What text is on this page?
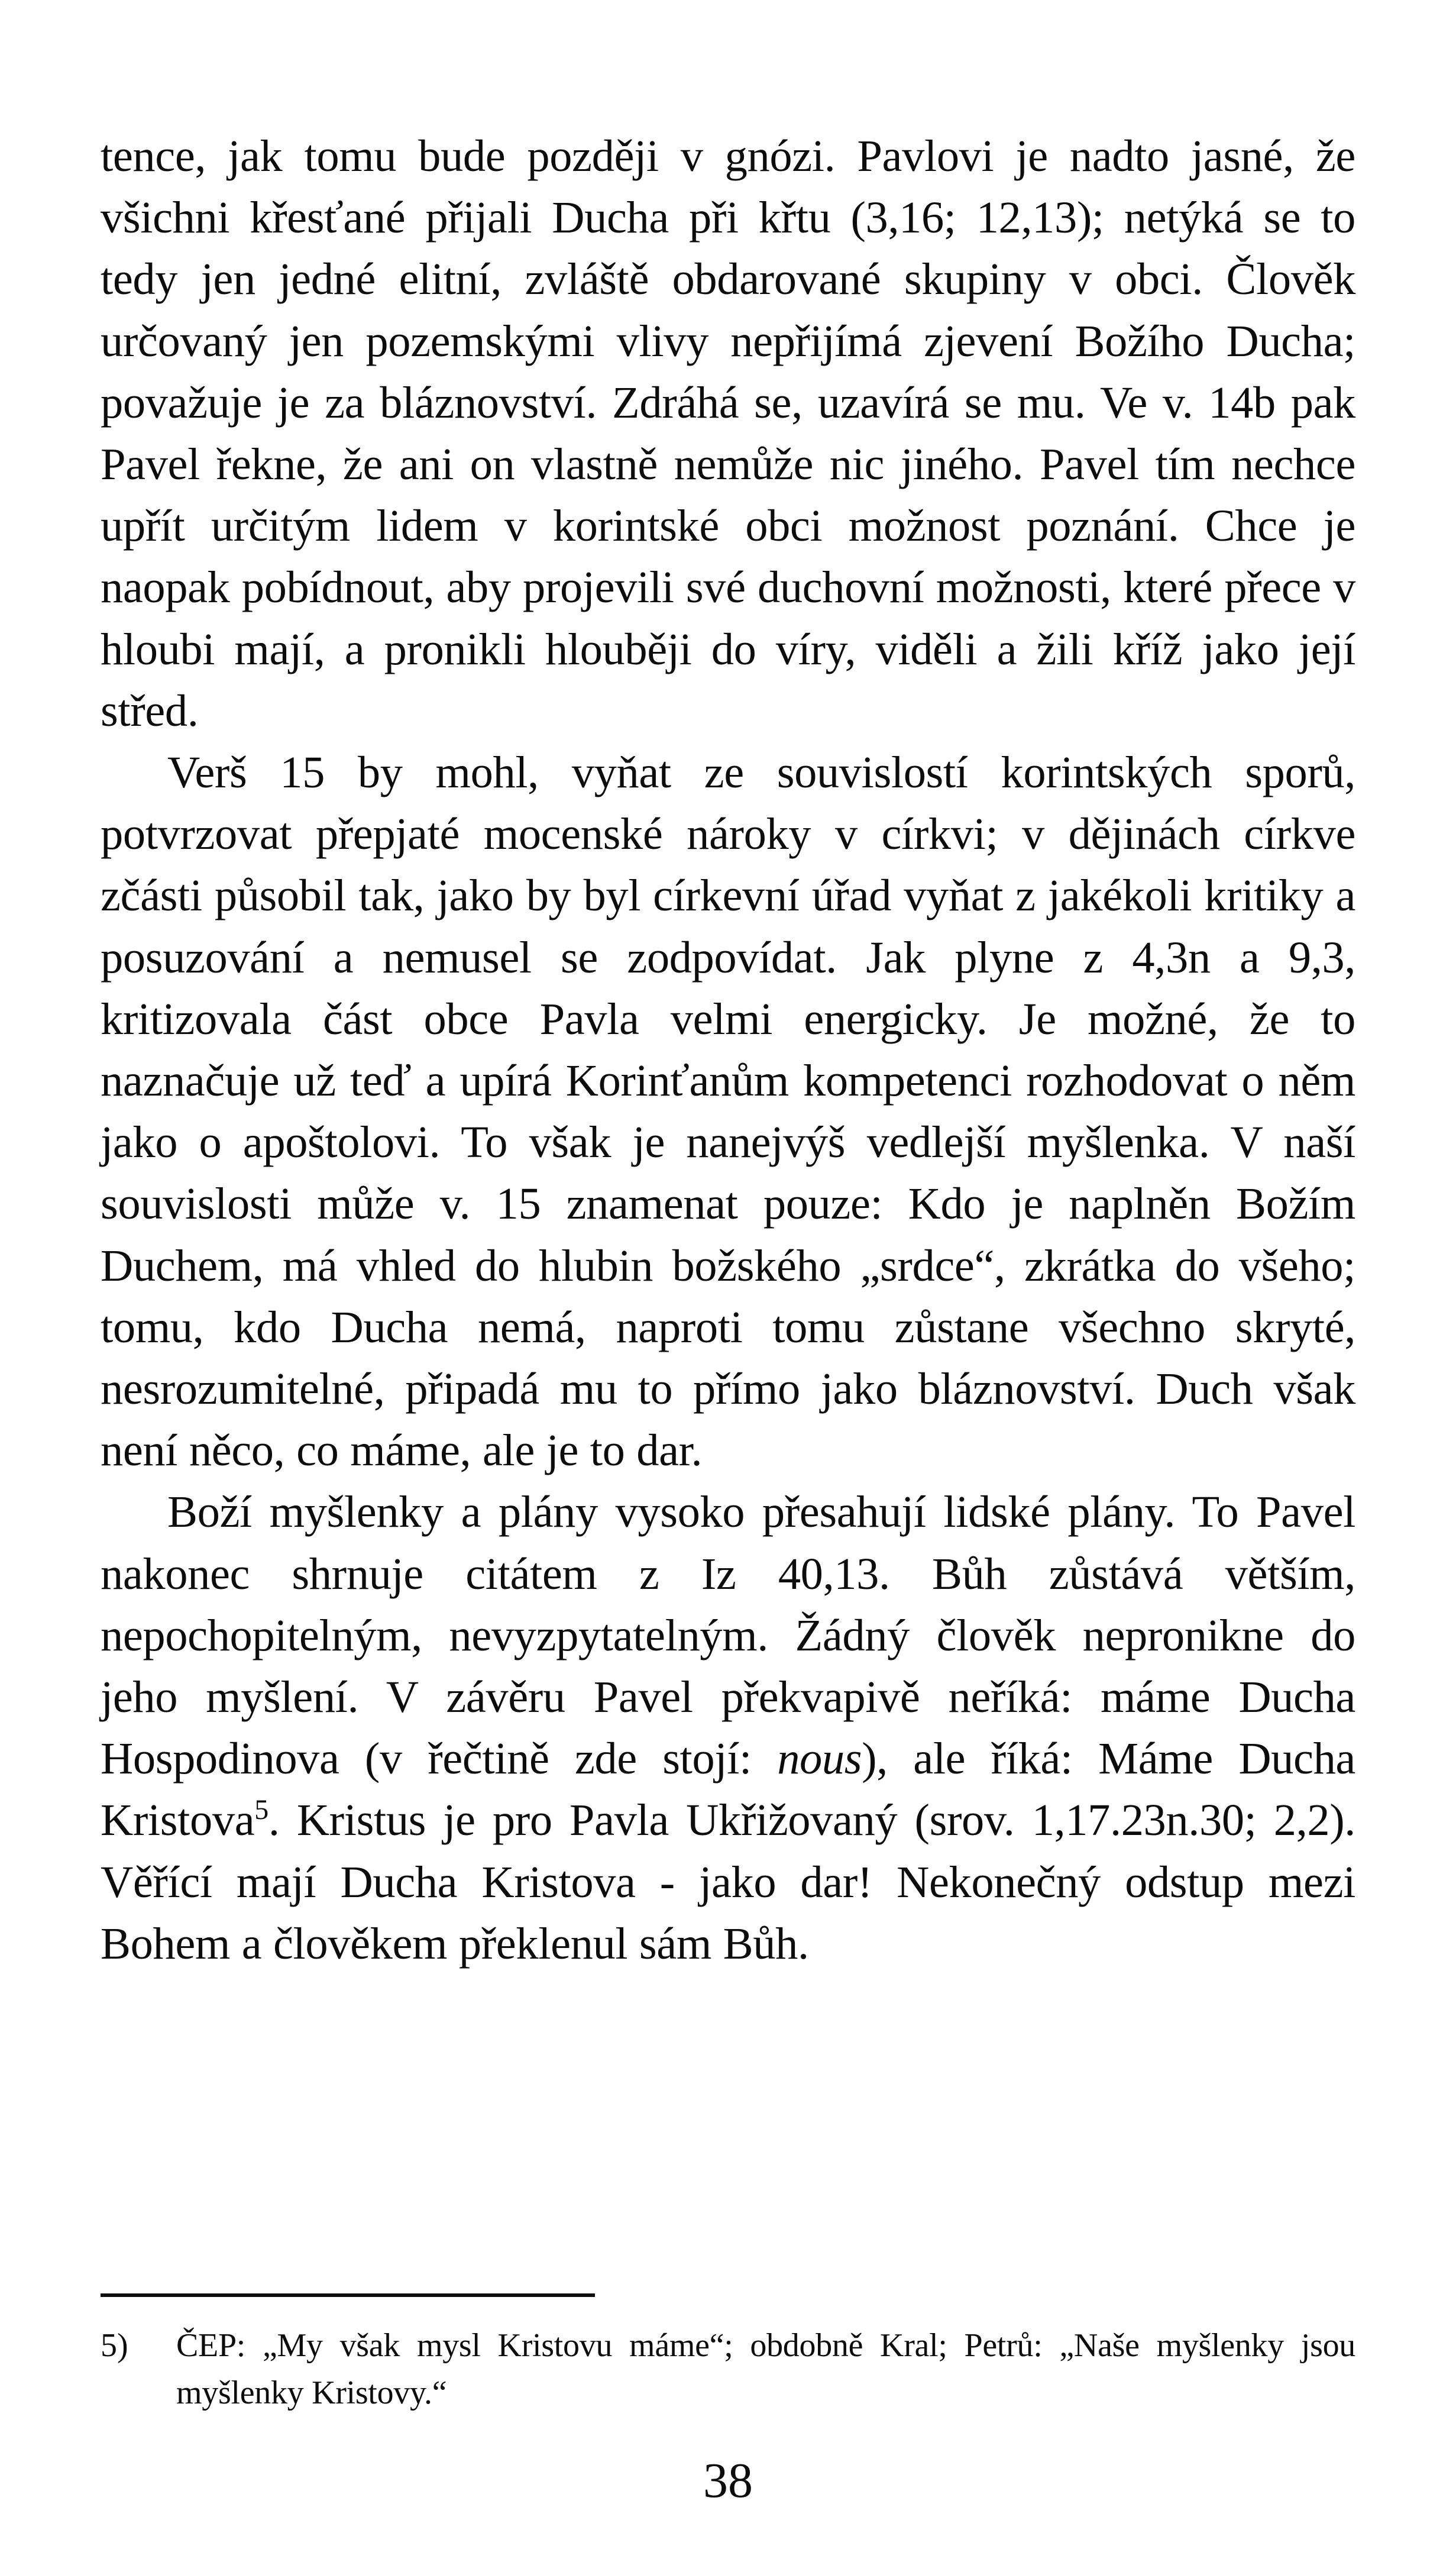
tence, jak tomu bude později v gnózi. Pavlovi je nadto jasné, že všichni křesťané přijali Ducha při křtu (3,16; 12,13); netýká se to tedy jen jedné elitní, zvláště obdarované skupiny v obci. Člověk určovaný jen pozemskými vlivy nepřijímá zjevení Božího Ducha; považuje je za bláznovství. Zdráhá se, uzavírá se mu. Ve v. 14b pak Pavel řekne, že ani on vlastně nemůže nic jiného. Pavel tím nechce upřít určitým lidem v korintské obci možnost poznání. Chce je naopak pobídnout, aby projevili své duchovní možnosti, které přece v hloubi mají, a pronikli hlouběji do víry, viděli a žili kříž jako její střed.

Verš 15 by mohl, vyňat ze souvislostí korintských sporů, potvrzovat přepjaté mocenské nároky v církvi; v dějinách církve zčásti působil tak, jako by byl církevní úřad vyňat z jakékoli kritiky a posuzování a nemusel se zodpovídat. Jak plyne z 4,3n a 9,3, kritizovala část obce Pavla velmi energicky. Je možné, že to naznačuje už teď a upírá Korinťanům kompetenci rozhodovat o něm jako o apoštolovi. To však je nanejvýš vedlejší myšlenka. V naší souvislosti může v. 15 znamenat pouze: Kdo je naplněn Božím Duchem, má vhled do hlubin božského „srdce“, zkrátka do všeho; tomu, kdo Ducha nemá, naproti tomu zůstane všechno skryté, nesrozumitelné, připadá mu to přímo jako bláznovství. Duch však není něco, co máme, ale je to dar.

Boží myšlenky a plány vysoko přesahují lidské plány. To Pavel nakonec shrnuje citátem z Iz 40,13. Bůh zůstává větším, nepochopitelným, nevyzpytatelným. Žádný člověk nepronikne do jeho myšlení. V závěru Pavel překvapivě neříká: máme Ducha Hospodinova (v řečtině zde stojí: nous), ale říká: Máme Ducha Kristova$^5$. Kristus je pro Pavla Ukřižovaný (srov. 1,17.23n.30; 2,2). Věřící mají Ducha Kristova - jako dar! Nekonečný odstup mezi Bohem a člověkem překlenul sám Bůh.

5) ČEP: „My však mysl Kristovu máme“; obdobně Kral; Petrů: „Naše myšlenky jsou myšlenky Kristovy.“
38
